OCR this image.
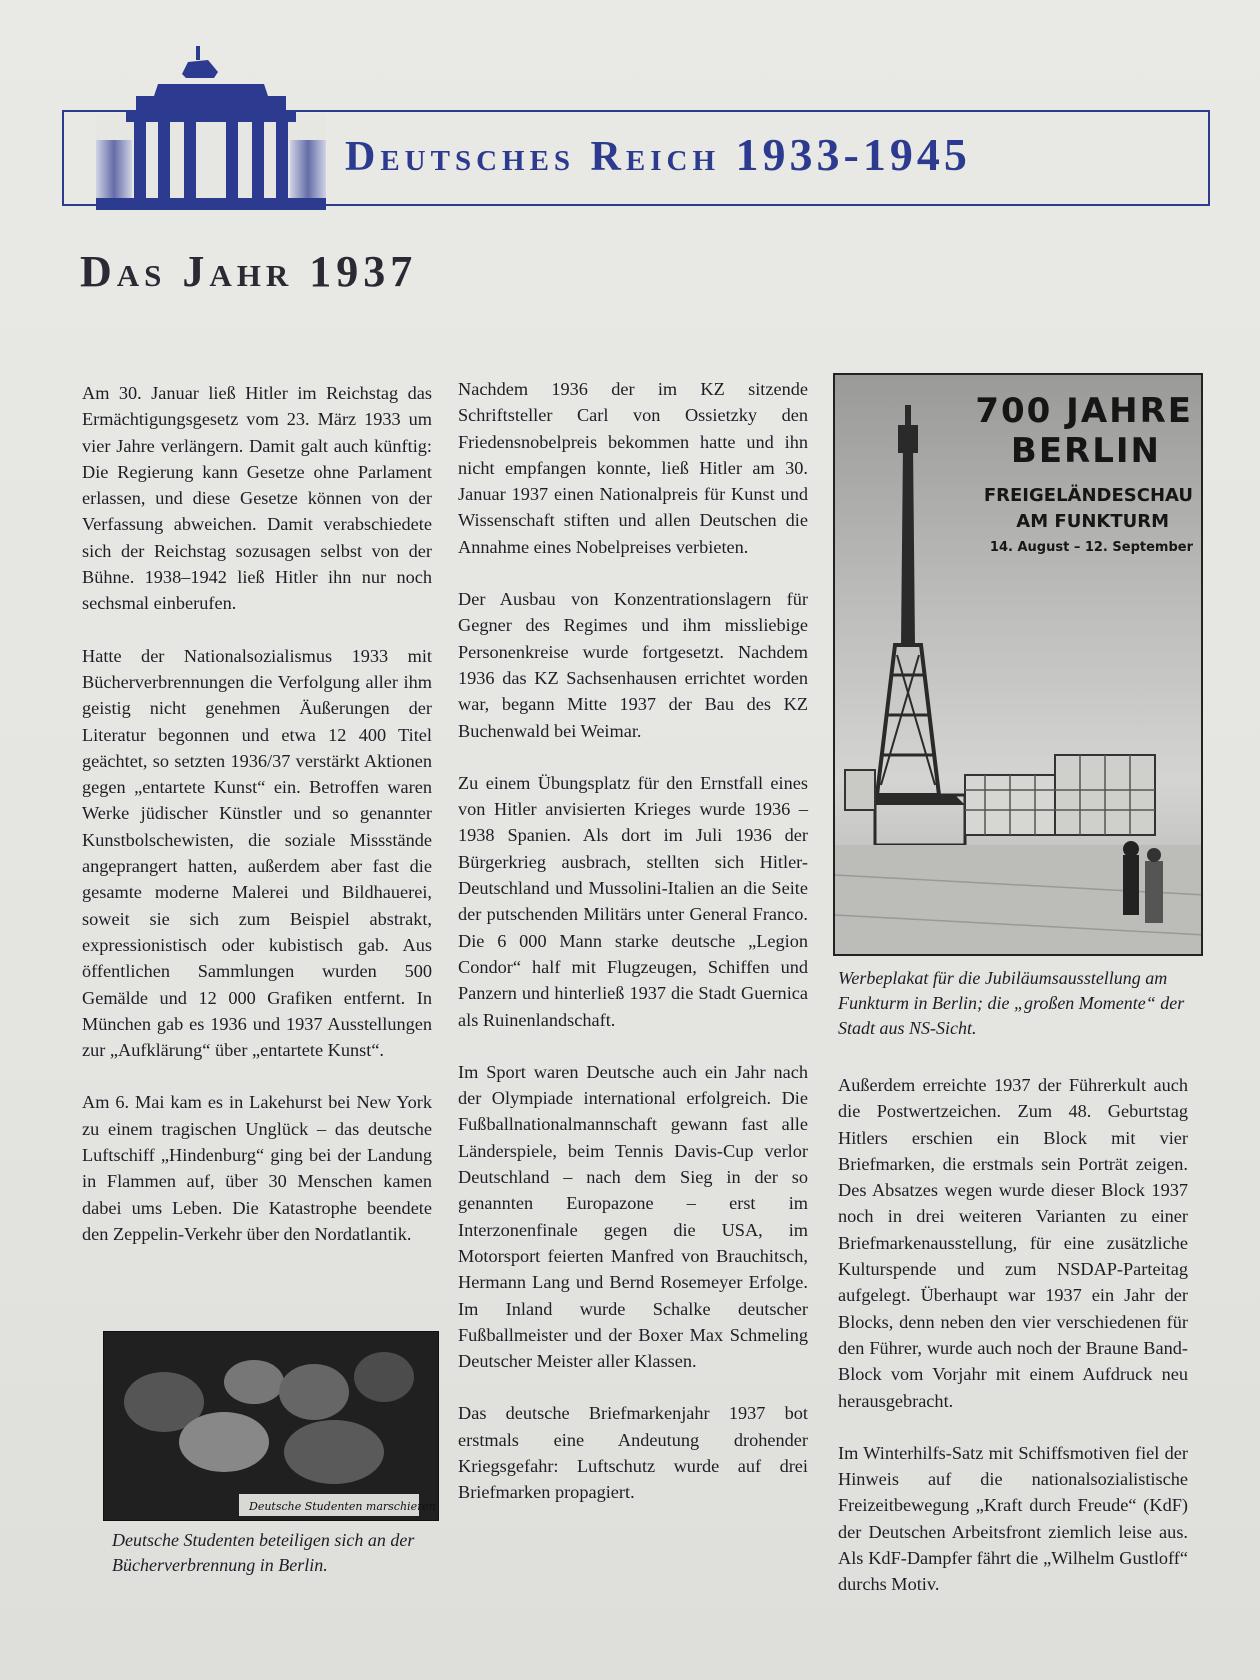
Deutsches Reich 1933-1945
Das Jahr 1937

Am 30. Januar ließ Hitler im Reichstag das Ermächtigungsgesetz vom 23. März 1933 um vier Jahre verlängern. Damit galt auch künftig: Die Regierung kann Gesetze ohne Parlament erlassen, und diese Gesetze können von der Verfassung abweichen. Damit verabschiedete sich der Reichstag sozusagen selbst von der Bühne. 1938–1942 ließ Hitler ihn nur noch sechsmal einberufen.

Hatte der Nationalsozialismus 1933 mit Bücherverbrennungen die Verfolgung aller ihm geistig nicht genehmen Äußerungen der Literatur begonnen und etwa 12 400 Titel geächtet, so setzten 1936/37 verstärkt Aktionen gegen „entartete Kunst“ ein. Betroffen waren Werke jüdischer Künstler und so genannter Kunstbolschewisten, die soziale Missstände angeprangert hatten, außerdem aber fast die gesamte moderne Malerei und Bildhauerei, soweit sie sich zum Beispiel abstrakt, expressionistisch oder kubistisch gab. Aus öffentlichen Sammlungen wurden 500 Gemälde und 12 000 Grafiken entfernt. In München gab es 1936 und 1937 Ausstellungen zur „Aufklärung“ über „entartete Kunst“.

Am 6. Mai kam es in Lakehurst bei New York zu einem tragischen Unglück – das deutsche Luftschiff „Hindenburg“ ging bei der Landung in Flammen auf, über 30 Menschen kamen dabei ums Leben. Die Katastrophe beendete den Zeppelin-Verkehr über den Nordatlantik.

Deutsche Studenten marschieren
Deutsche Studenten beteiligen sich an der Bücherverbrennung in Berlin.

Nachdem 1936 der im KZ sitzende Schriftsteller Carl von Ossietzky den Friedensnobelpreis bekommen hatte und ihn nicht empfangen konnte, ließ Hitler am 30. Januar 1937 einen Nationalpreis für Kunst und Wissenschaft stiften und allen Deutschen die Annahme eines Nobelpreises verbieten.

Der Ausbau von Konzentrationslagern für Gegner des Regimes und ihm missliebige Personenkreise wurde fortgesetzt. Nachdem 1936 das KZ Sachsenhausen errichtet worden war, begann Mitte 1937 der Bau des KZ Buchenwald bei Weimar.

Zu einem Übungsplatz für den Ernstfall eines von Hitler anvisierten Krieges wurde 1936 – 1938 Spanien. Als dort im Juli 1936 der Bürgerkrieg ausbrach, stellten sich Hitler-Deutschland und Mussolini-Italien an die Seite der putschenden Militärs unter General Franco. Die 6 000 Mann starke deutsche „Legion Condor“ half mit Flugzeugen, Schiffen und Panzern und hinterließ 1937 die Stadt Guernica als Ruinenlandschaft.

Im Sport waren Deutsche auch ein Jahr nach der Olympiade international erfolgreich. Die Fußballnationalmannschaft gewann fast alle Länderspiele, beim Tennis Davis-Cup verlor Deutschland – nach dem Sieg in der so genannten Europazone – erst im Interzonenfinale gegen die USA, im Motorsport feierten Manfred von Brauchitsch, Hermann Lang und Bernd Rosemeyer Erfolge. Im Inland wurde Schalke deutscher Fußballmeister und der Boxer Max Schmeling Deutscher Meister aller Klassen.

Das deutsche Briefmarkenjahr 1937 bot erstmals eine Andeutung drohender Kriegsgefahr: Luftschutz wurde auf drei Briefmarken propagiert.

700 JAHRE
BERLIN
FREIGELÄNDESCHAU
AM FUNKTURM
14. August – 12. September
Werbeplakat für die Jubiläumsausstellung am Funkturm in Berlin; die „großen Momente“ der Stadt aus NS-Sicht.

Außerdem erreichte 1937 der Führerkult auch die Postwertzeichen. Zum 48. Geburtstag Hitlers erschien ein Block mit vier Briefmarken, die erstmals sein Porträt zeigen. Des Absatzes wegen wurde dieser Block 1937 noch in drei weiteren Varianten zu einer Briefmarkenausstellung, für eine zusätzliche Kulturspende und zum NSDAP-Parteitag aufgelegt. Überhaupt war 1937 ein Jahr der Blocks, denn neben den vier verschiedenen für den Führer, wurde auch noch der Braune Band-Block vom Vorjahr mit einem Aufdruck neu herausgebracht.

Im Winterhilfs-Satz mit Schiffsmotiven fiel der Hinweis auf die nationalsozialistische Freizeitbewegung „Kraft durch Freude“ (KdF) der Deutschen Arbeitsfront ziemlich leise aus. Als KdF-Dampfer fährt die „Wilhelm Gustloff“ durchs Motiv.
